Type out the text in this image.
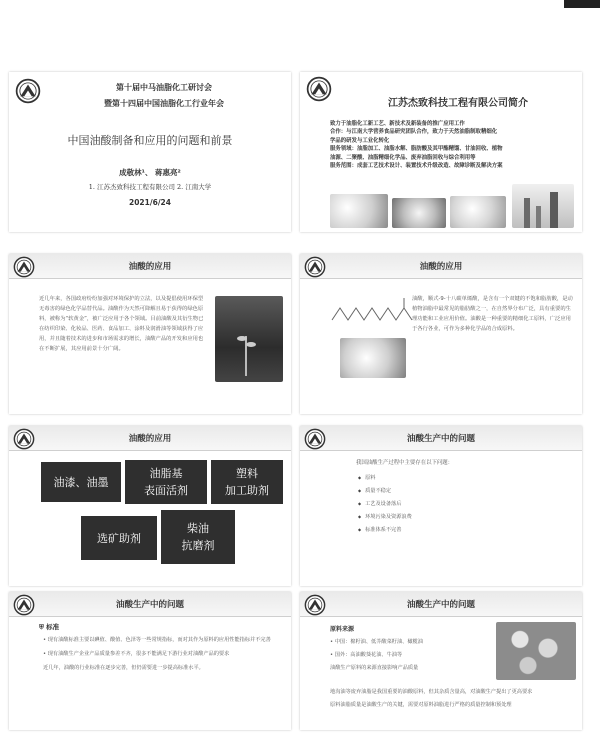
第十届中马油脂化工研讨会
暨第十四届中国油脂化工行业年会
中国油酸制备和应用的问题和前景
成敬林¹、 蒋惠亮²
1. 江苏杰致科技工程有限公司 2. 江南大学
2021/6/24
江苏杰致科技工程有限公司简介
致力于油脂化工新工艺、新技术及新装备的推广应用工作
合作：与江南大学营养食品研究团队合作，致力于天然油脂制取精细化
学品的研发与工业化转化
服务领域：油脂加工、油脂水解、脂肪酸及其甲酯精馏、甘油回收、植物
油源、二聚酸、油脂精细化学品、废弃油脂回收与综合利用等
服务范围：成套工艺技术设计、装置技术升级改造、故障诊断及解决方案
油酸的应用
近几年来，各国政府纷纷加强对环境保护的立法，以及提倡使用环保型无毒害的绿色化学品替代品。油酸作为天然可降解且易于获得的绿色原料，被称为“软黄金”，被广泛应用于各个领域。目前油酸及其衍生物已在纺织印染、化妆品、医药、食品加工、涂料及润滑油等领域获得了应用，并且随着技术的进步和市场需求的增长，油酸产品的开发和应用也在不断扩展，其应用前景十分广阔。
油酸的应用
油酸，顺式-9-十八碳单烯酸，是含有一个双键的不饱和脂肪酸，是动植物油脂中最常见的脂肪酸之一，在自然界分布广泛，具有重要的生理功能和工业应用价值。油酸是一种重要的精细化工原料，广泛应用于各行各业，可作为多种化学品的合成原料。
油酸的应用
油漆、油墨
油脂基
表面活剂
塑料
加工助剂
选矿助剂
柴油
抗磨剂
油酸生产中的问题
我国油酸生产过程中主要存在以下问题：
◆ 原料
◆ 质量不稳定
◆ 工艺及设备落后
◆ 环境污染及资源浪费
◆ 标准体系不完善
油酸生产中的问题
⛨ 标准
• 现有油酸标准主要以碘值、酸值、色泽等一些常规指标，而对其作为原料的应用性能指标并不完善
• 现有油酸生产企业产品质量参差不齐，很多不能满足下游行业对油酸产品的要求
近几年，油酸的行业标准在逐步完善，但仍需要进一步提高标准水平。
油酸生产中的问题
原料来源
• 中国：棉籽油、低芥酸菜籽油、橄榄油
• 国外：高油酸葵花油、牛油等
油酸生产原料的来源直接影响产品质量
地沟油等废弃油脂是我国重要的油酸原料，但其杂质含量高，对油酸生产提出了更高要求
原料油脂质量是油酸生产的关键，需要对原料油脂进行严格的质量控制和预处理
